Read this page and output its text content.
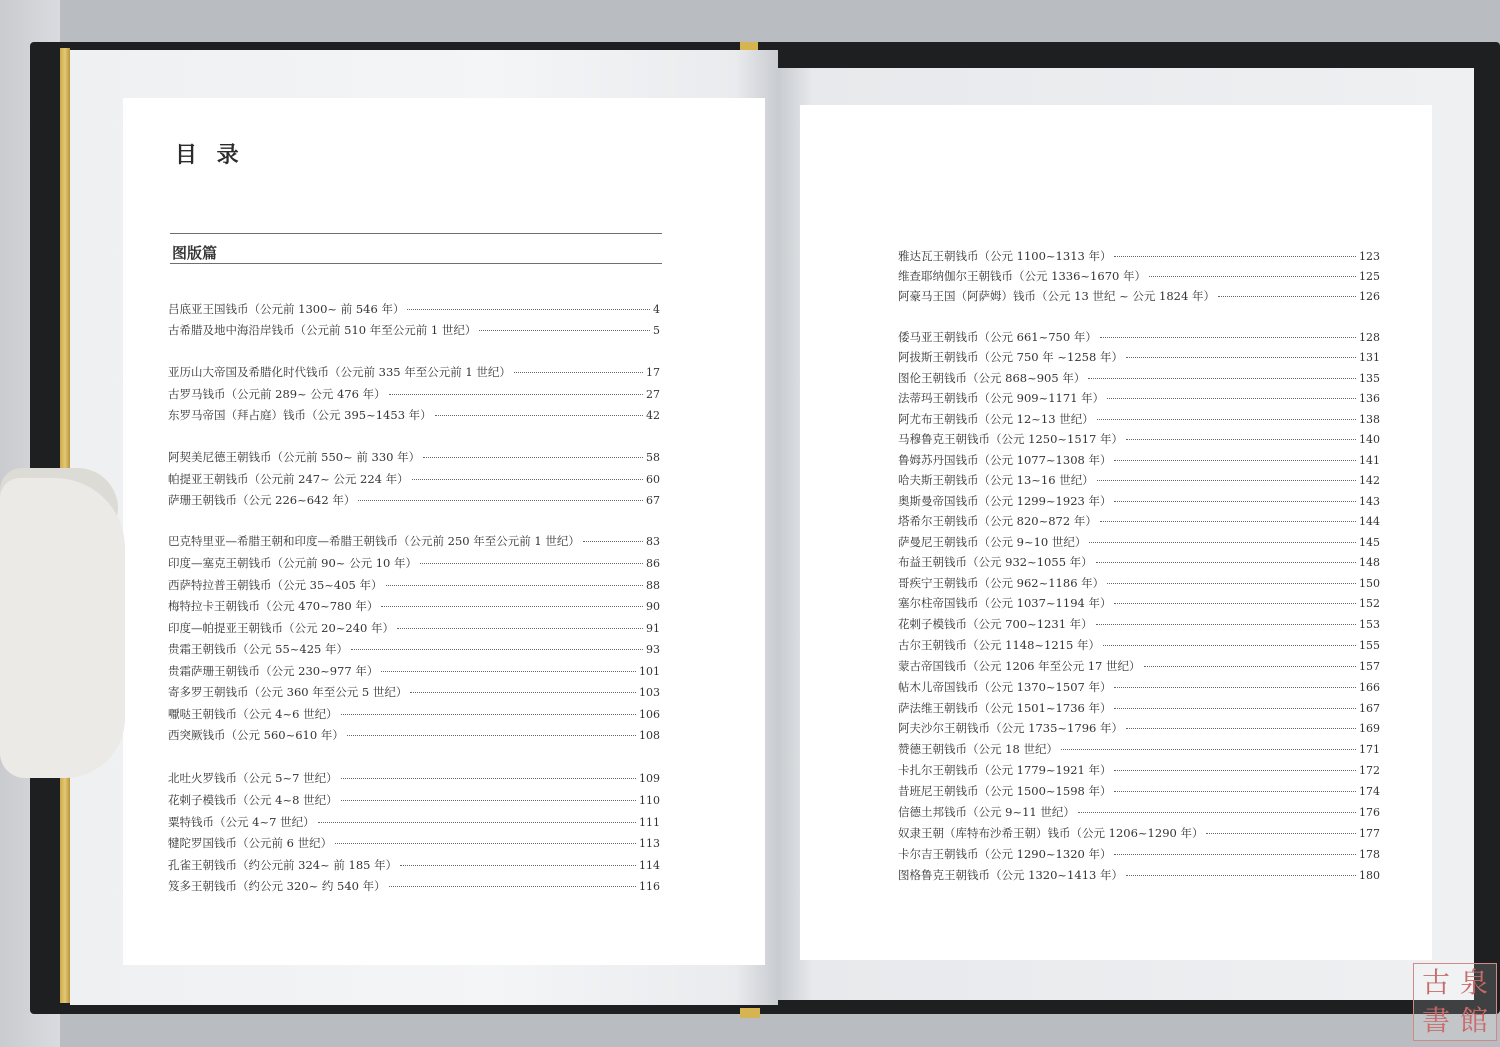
目 录
图版篇
吕底亚王国钱币（公元前 1300~ 前 546 年）	4
古希腊及地中海沿岸钱币（公元前 510 年至公元前 1 世纪）	5
亚历山大帝国及希腊化时代钱币（公元前 335 年至公元前 1 世纪）	17
古罗马钱币（公元前 289~ 公元 476 年）	27
东罗马帝国（拜占庭）钱币（公元 395~1453 年）	42
阿契美尼德王朝钱币（公元前 550~ 前 330 年）	58
帕提亚王朝钱币（公元前 247~ 公元 224 年）	60
萨珊王朝钱币（公元 226~642 年）	67
巴克特里亚—希腊王朝和印度—希腊王朝钱币（公元前 250 年至公元前 1 世纪）	83
印度—塞克王朝钱币（公元前 90~ 公元 10 年）	86
西萨特拉普王朝钱币（公元 35~405 年）	88
梅特拉卡王朝钱币（公元 470~780 年）	90
印度—帕提亚王朝钱币（公元 20~240 年）	91
贵霜王朝钱币（公元 55~425 年）	93
贵霜萨珊王朝钱币（公元 230~977 年）	101
寄多罗王朝钱币（公元 360 年至公元 5 世纪）	103
嚈哒王朝钱币（公元 4~6 世纪）	106
西突厥钱币（公元 560~610 年）	108
北吐火罗钱币（公元 5~7 世纪）	109
花剌子模钱币（公元 4~8 世纪）	110
粟特钱币（公元 4~7 世纪）	111
犍陀罗国钱币（公元前 6 世纪）	113
孔雀王朝钱币（约公元前 324~ 前 185 年）	114
笈多王朝钱币（约公元 320~ 约 540 年）	116
雅达瓦王朝钱币（公元 1100~1313 年）	123
维查耶纳伽尔王朝钱币（公元 1336~1670 年）	125
阿豪马王国（阿萨姆）钱币（公元 13 世纪 ~ 公元 1824 年）	126
倭马亚王朝钱币（公元 661~750 年）	128
阿拔斯王朝钱币（公元 750 年 ~1258 年）	131
图伦王朝钱币（公元 868~905 年）	135
法蒂玛王朝钱币（公元 909~1171 年）	136
阿尤布王朝钱币（公元 12~13 世纪）	138
马穆鲁克王朝钱币（公元 1250~1517 年）	140
鲁姆苏丹国钱币（公元 1077~1308 年）	141
哈夫斯王朝钱币（公元 13~16 世纪）	142
奥斯曼帝国钱币（公元 1299~1923 年）	143
塔希尔王朝钱币（公元 820~872 年）	144
萨曼尼王朝钱币（公元 9~10 世纪）	145
布益王朝钱币（公元 932~1055 年）	148
哥疾宁王朝钱币（公元 962~1186 年）	150
塞尔柱帝国钱币（公元 1037~1194 年）	152
花剌子模钱币（公元 700~1231 年）	153
古尔王朝钱币（公元 1148~1215 年）	155
蒙古帝国钱币（公元 1206 年至公元 17 世纪）	157
帖木儿帝国钱币（公元 1370~1507 年）	166
萨法维王朝钱币（公元 1501~1736 年）	167
阿夫沙尔王朝钱币（公元 1735~1796 年）	169
赞德王朝钱币（公元 18 世纪）	171
卡扎尔王朝钱币（公元 1779~1921 年）	172
昔班尼王朝钱币（公元 1500~1598 年）	174
信德土邦钱币（公元 9~11 世纪）	176
奴隶王朝（库特布沙希王朝）钱币（公元 1206~1290 年）	177
卡尔吉王朝钱币（公元 1290~1320 年）	178
图格鲁克王朝钱币（公元 1320~1413 年）	180
古 泉
書 館
